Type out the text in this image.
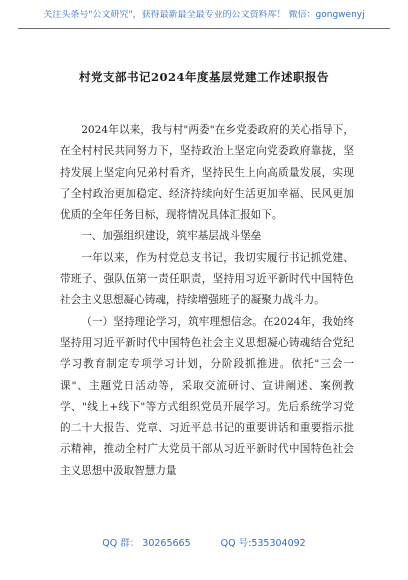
关注头条号"公文研究"，获得最新最全最专业的公文资料库！ 微信：gongwenyj
村党支部书记2024年度基层党建工作述职报告

2024年以来，我与村"两委"在乡党委政府的关心指导下，在全村村民共同努力下，坚持政治上坚定向党委政府靠拢，坚持发展上坚定向兄弟村看齐，坚持民生上向高质量发展，实现了全村政治更加稳定、经济持续向好生活更加幸福、民风更加优质的全年任务目标，现将情况具体汇报如下。

一、加强组织建设，筑牢基层战斗堡垒

一年以来，作为村党总支书记，我切实履行书记抓党建、带班子、强队伍第一责任职责，坚持用习近平新时代中国特色社会主义思想凝心铸魂，持续增强班子的凝聚力战斗力。

（一）坚持理论学习，筑牢理想信念。在2024年，我始终坚持用习近平新时代中国特色社会主义思想凝心铸魂结合党纪学习教育制定专项学习计划，分阶段抓推进。依托"三会一课"、主题党日活动等，采取交流研讨、宣讲阐述、案例教学、"线上+线下"等方式组织党员开展学习。先后系统学习党的二十大报告、党章、习近平总书记的重要讲话和重要指示批示精神，推动全村广大党员干部从习近平新时代中国特色社会主义思想中汲取智慧力量

QQ 群： 30265665	QQ 号:535304092
